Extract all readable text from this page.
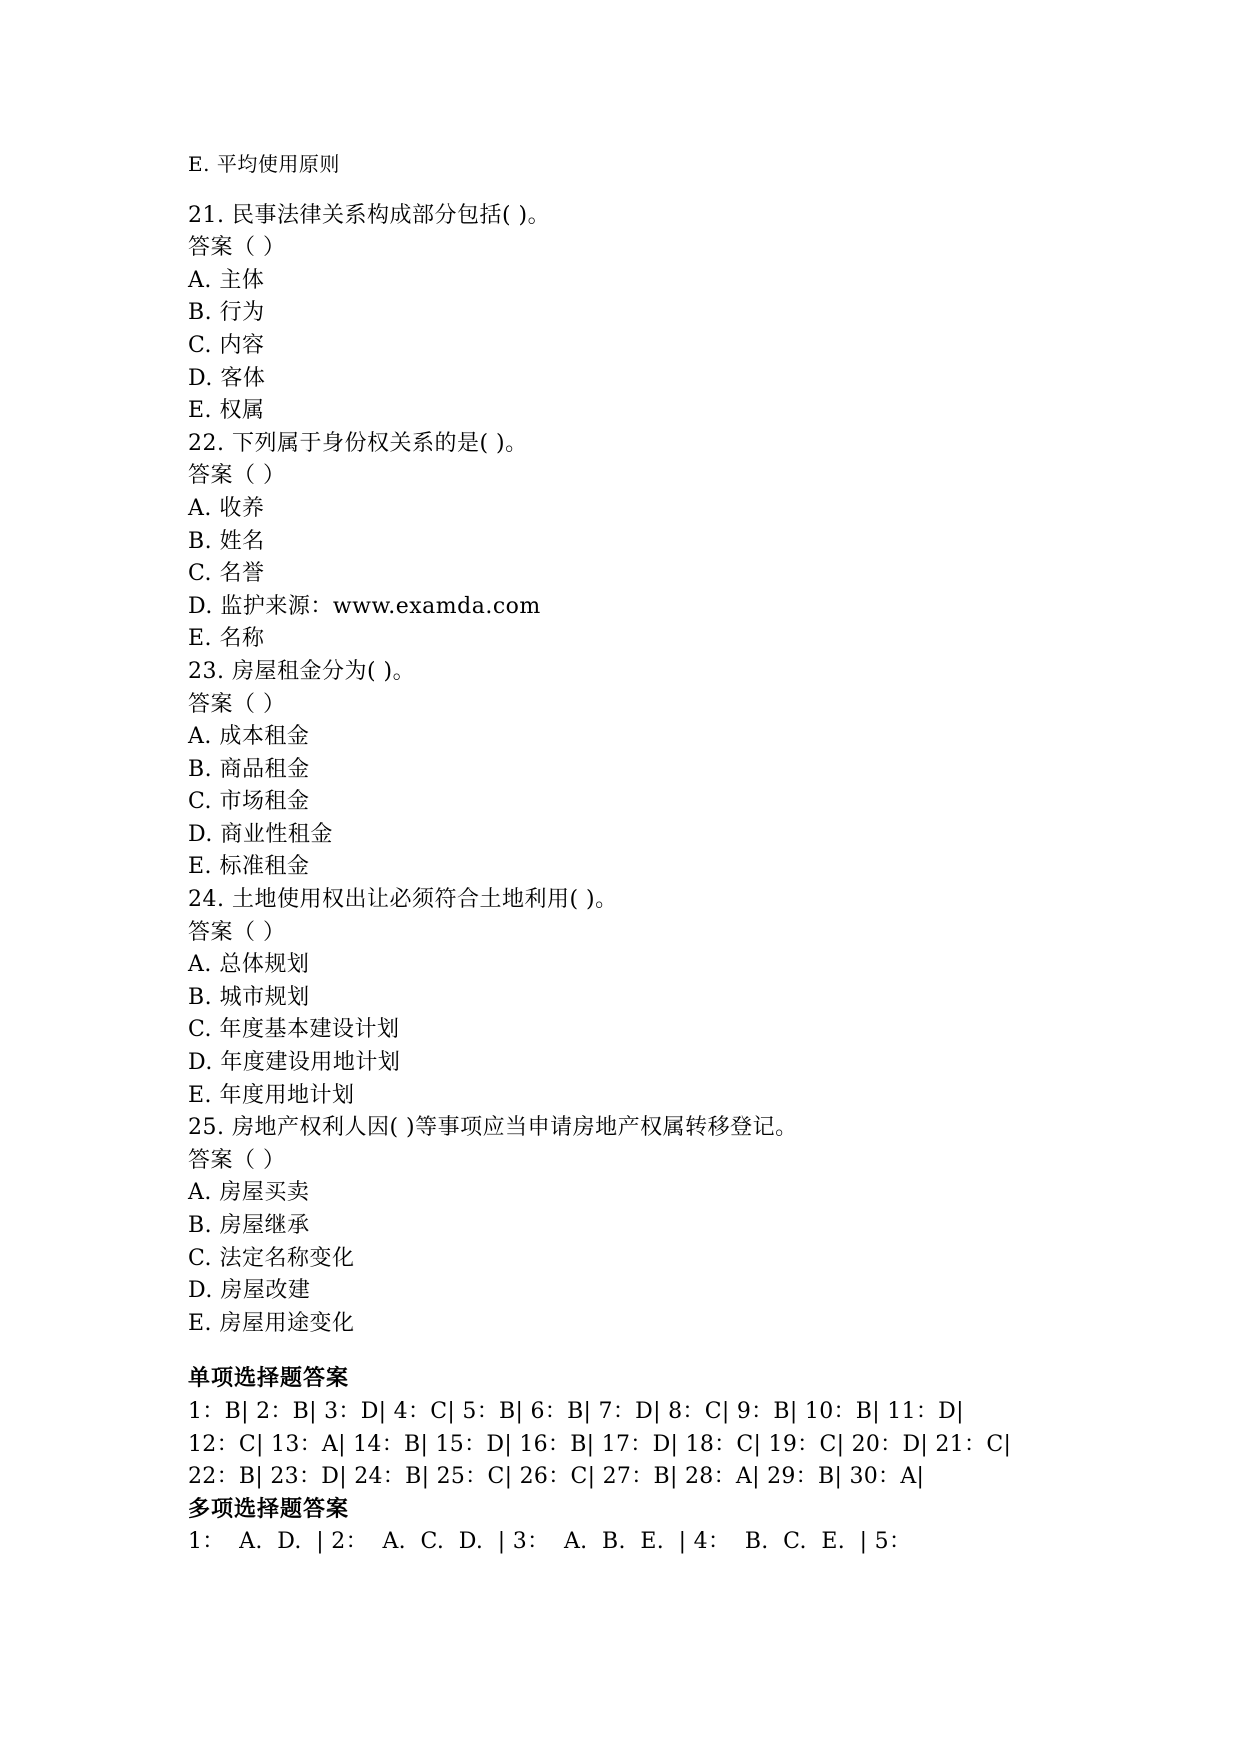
E. 平均使用原则
21. 民事法律关系构成部分包括( )。
答案（ ）
A. 主体
B. 行为
C. 内容
D. 客体
E. 权属
22. 下列属于身份权关系的是( )。
答案（ ）
A. 收养
B. 姓名
C. 名誉
D. 监护来源：www.examda.com
E. 名称
23. 房屋租金分为( )。
答案（ ）
A. 成本租金
B. 商品租金
C. 市场租金
D. 商业性租金
E. 标准租金
24. 土地使用权出让必须符合土地利用( )。
答案（ ）
A. 总体规划
B. 城市规划
C. 年度基本建设计划
D. 年度建设用地计划
E. 年度用地计划
25. 房地产权利人因( )等事项应当申请房地产权属转移登记。
答案（ ）
A. 房屋买卖
B. 房屋继承
C. 法定名称变化
D. 房屋改建
E. 房屋用途变化
单项选择题答案
1：B| 2：B| 3：D| 4：C| 5：B| 6：B| 7：D| 8：C| 9：B| 10：B| 11：D|
12：C| 13：A| 14：B| 15：D| 16：B| 17：D| 18：C| 19：C| 20：D| 21：C|
22：B| 23：D| 24：B| 25：C| 26：C| 27：B| 28：A| 29：B| 30：A|
多项选择题答案
1：  A.  D.  | 2：  A.  C.  D.  | 3：  A.  B.  E.  | 4：  B.  C.  E.  | 5：
